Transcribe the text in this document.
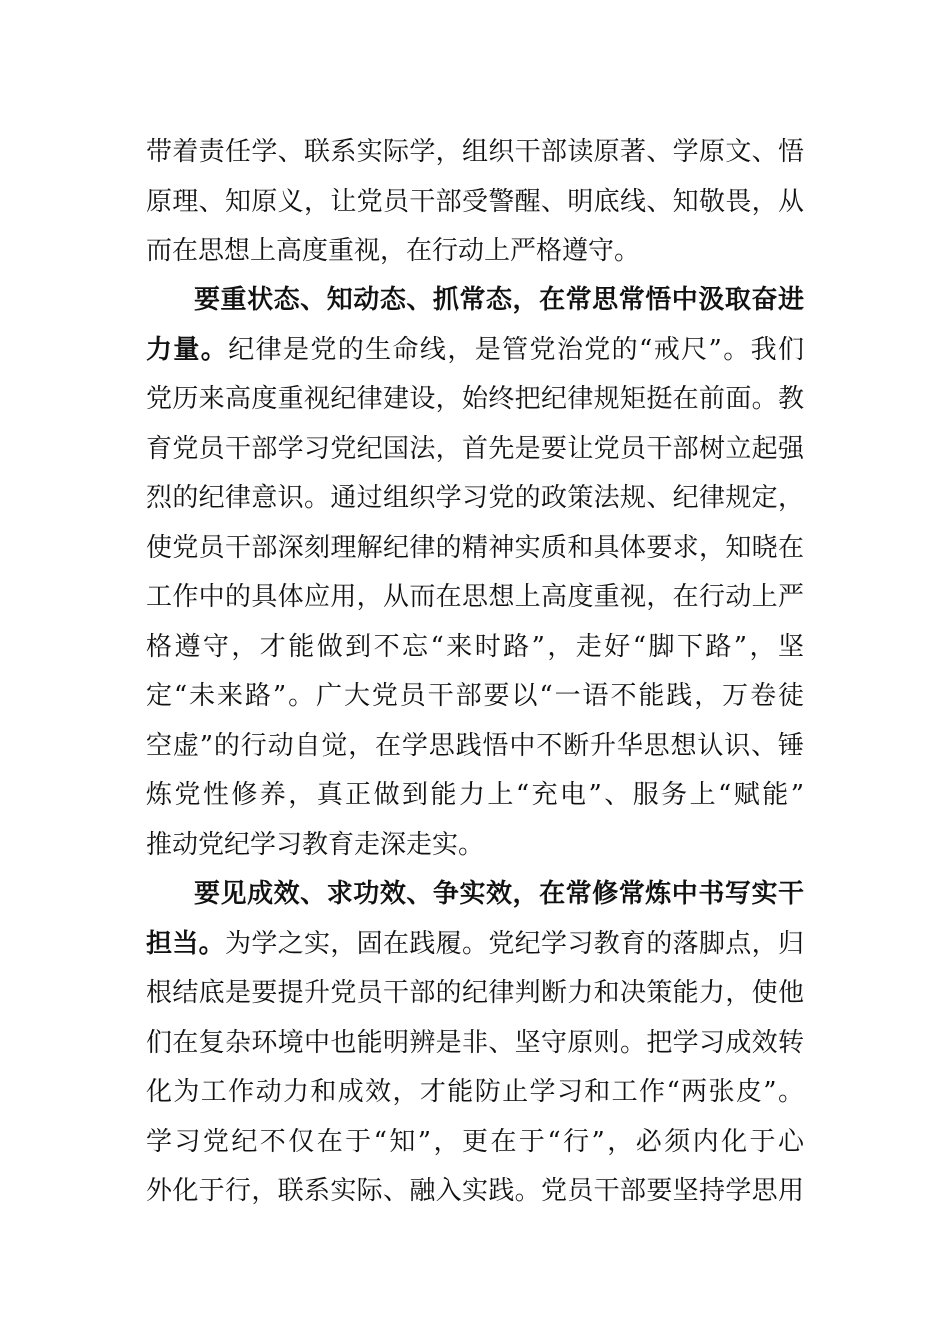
带着责任学、联系实际学，组织干部读原著、学原文、悟
原理、知原义，让党员干部受警醒、明底线、知敬畏，从
而在思想上高度重视，在行动上严格遵守。
要重状态、知动态、抓常态，在常思常悟中汲取奋进
力量。纪律是党的生命线，是管党治党的“戒尺”。我们
党历来高度重视纪律建设，始终把纪律规矩挺在前面。教
育党员干部学习党纪国法，首先是要让党员干部树立起强
烈的纪律意识。通过组织学习党的政策法规、纪律规定，
使党员干部深刻理解纪律的精神实质和具体要求，知晓在
工作中的具体应用，从而在思想上高度重视，在行动上严
格遵守，才能做到不忘“来时路”，走好“脚下路”，坚
定“未来路”。广大党员干部要以“一语不能践，万卷徒
空虚”的行动自觉，在学思践悟中不断升华思想认识、锤
炼党性修养，真正做到能力上“充电”、服务上“赋能”
推动党纪学习教育走深走实。
要见成效、求功效、争实效，在常修常炼中书写实干
担当。为学之实，固在践履。党纪学习教育的落脚点，归
根结底是要提升党员干部的纪律判断力和决策能力，使他
们在复杂环境中也能明辨是非、坚守原则。把学习成效转
化为工作动力和成效，才能防止学习和工作“两张皮”。
学习党纪不仅在于“知”，更在于“行”，必须内化于心
外化于行，联系实际、融入实践。党员干部要坚持学思用
